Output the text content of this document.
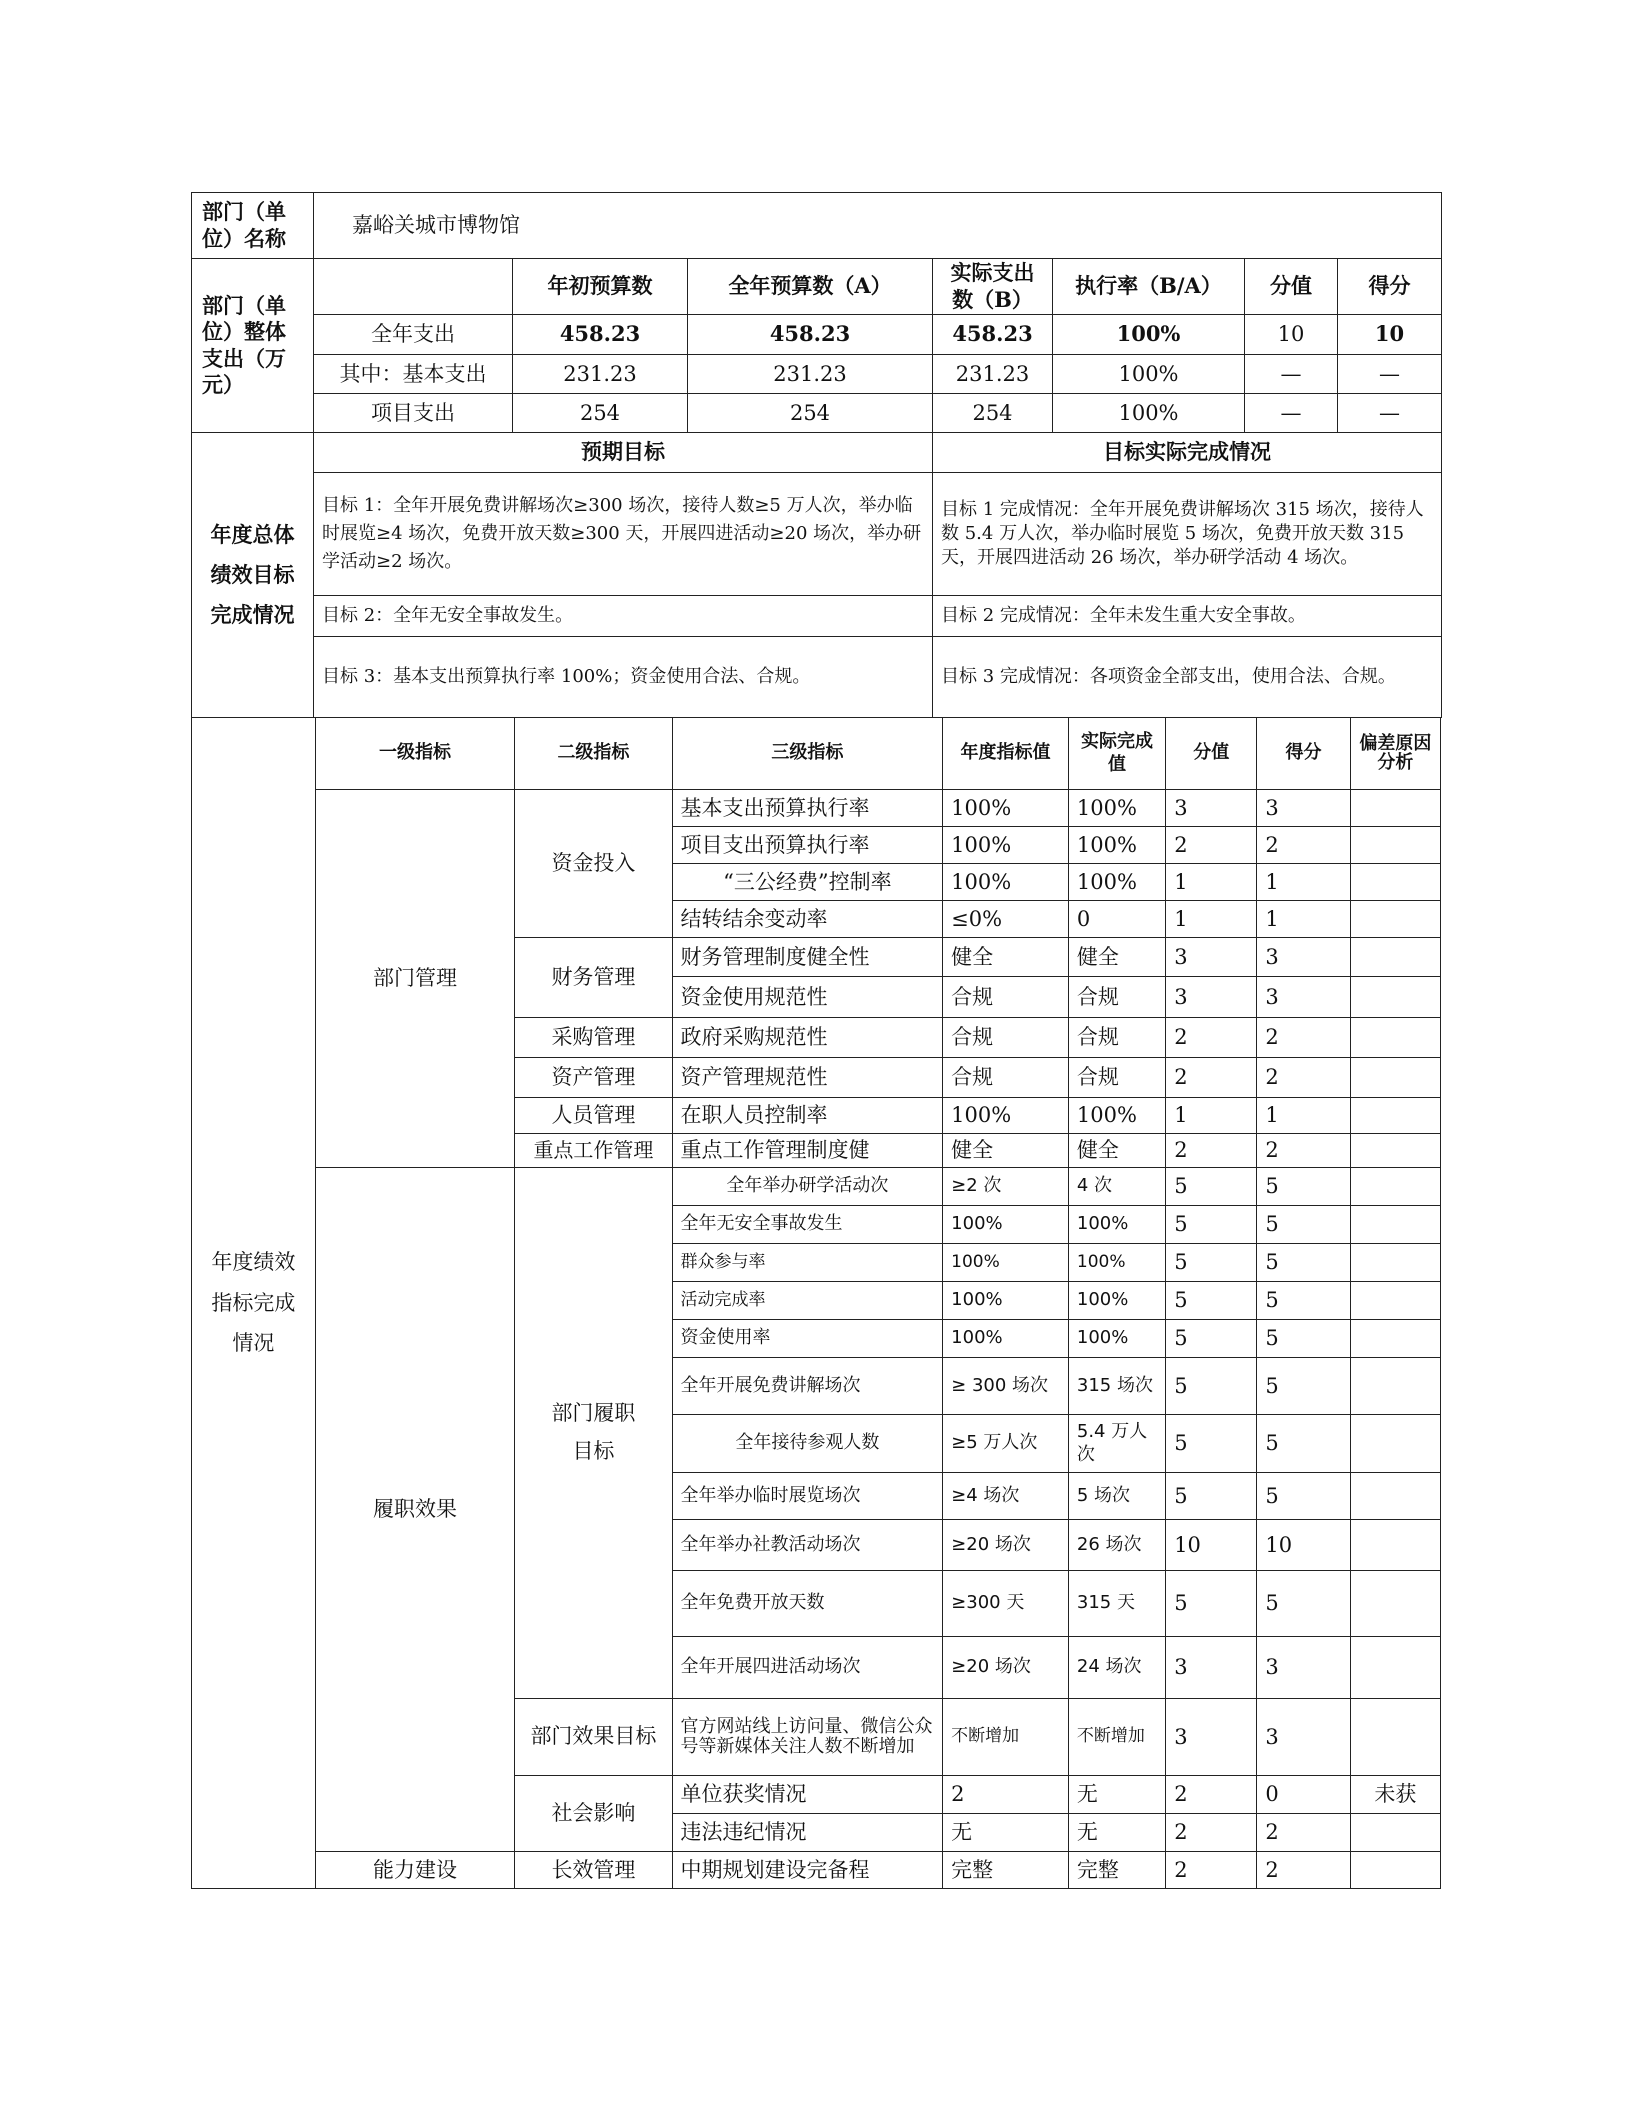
部门（单位）名称	嘉峪关城市博物馆						
部门（单位）整体支出（万元）		年初预算数	全年预算数（A）	实际支出数（B）	执行率（B/A）	分值	得分
	全年支出	458.23	458.23	458.23	100%	10	10
	其中：基本支出	231.23	231.23	231.23	100%	—	—
	项目支出	254	254	254	100%	—	—
年度总体绩效目标完成情况	预期目标			目标实际完成情况			
	目标 1：全年开展免费讲解场次≥300 场次，接待人数≥5 万人次，举办临时展览≥4 场次，免费开放天数≥300 天，开展四进活动≥20 场次，举办研学活动≥2 场次。			目标 1 完成情况：全年开展免费讲解场次 315 场次，接待人数 5.4 万人次，举办临时展览 5 场次，免费开放天数 315 天，开展四进活动 26 场次，举办研学活动 4 场次。			
	目标 2：全年无安全事故发生。			目标 2 完成情况：全年未发生重大安全事故。			
	目标 3：基本支出预算执行率 100%；资金使用合法、合规。			目标 3 完成情况：各项资金全部支出，使用合法、合规。			
年度绩效指标完成情况	一级指标	二级指标	三级指标	年度指标值	实际完成值	分值	得分	偏差原因分析
	部门管理	资金投入	基本支出预算执行率	100%	100%	3	3	
			项目支出预算执行率	100%	100%	2	2	
			“三公经费”控制率	100%	100%	1	1	
			结转结余变动率	≤0%	0	1	1	
		财务管理	财务管理制度健全性	健全	健全	3	3	
			资金使用规范性	合规	合规	3	3	
		采购管理	政府采购规范性	合规	合规	2	2	
		资产管理	资产管理规范性	合规	合规	2	2	
		人员管理	在职人员控制率	100%	100%	1	1	
		重点工作管理	重点工作管理制度健	健全	健全	2	2	
	履职效果	部门履职目标	全年举办研学活动次	≥2 次	4 次	5	5	
			全年无安全事故发生	100%	100%	5	5	
			群众参与率	100%	100%	5	5	
			活动完成率	100%	100%	5	5	
			资金使用率	100%	100%	5	5	
			全年开展免费讲解场次	≥ 300 场次	315 场次	5	5	
			全年接待参观人数	≥5 万人次	5.4 万人次	5	5	
			全年举办临时展览场次	≥4 场次	5 场次	5	5	
			全年举办社教活动场次	≥20 场次	26 场次	10	10	
			全年免费开放天数	≥300 天	315 天	5	5	
			全年开展四进活动场次	≥20 场次	24 场次	3	3	
		部门效果目标	官方网站线上访问量、微信公众号等新媒体关注人数不断增加	不断增加	不断增加	3	3	
		社会影响	单位获奖情况	2	无	2	0	未获
			违法违纪情况	无	无	2	2	
	能力建设	长效管理	中期规划建设完备程	完整	完整	2	2	
